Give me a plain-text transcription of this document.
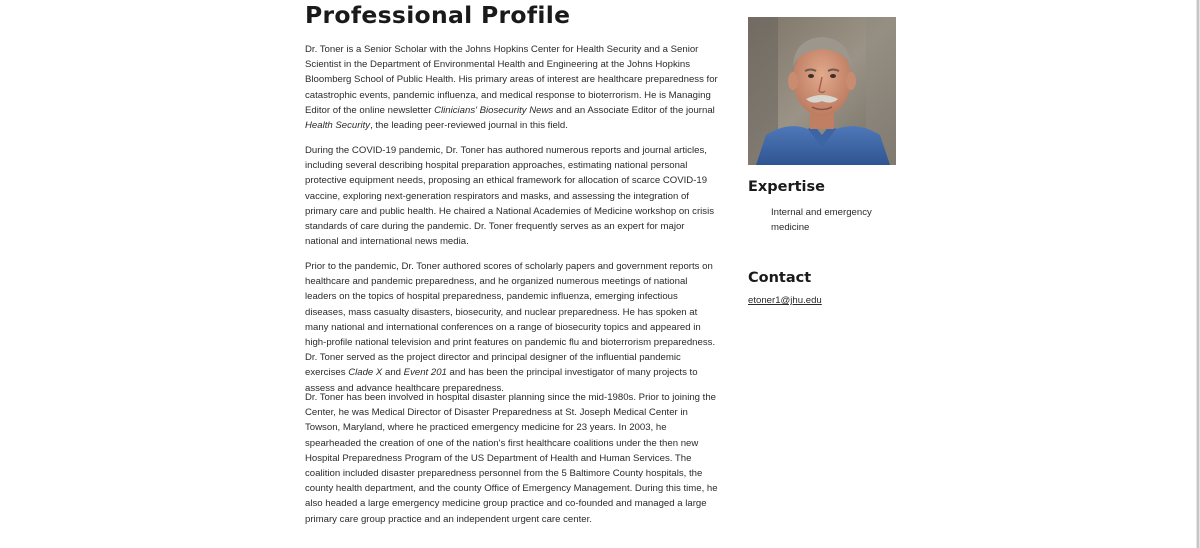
Professional Profile

Dr. Toner is a Senior Scholar with the Johns Hopkins Center for Health Security and a Senior Scientist in the Department of Environmental Health and Engineering at the Johns Hopkins Bloomberg School of Public Health. His primary areas of interest are healthcare preparedness for catastrophic events, pandemic influenza, and medical response to bioterrorism. He is Managing Editor of the online newsletter Clinicians' Biosecurity News and an Associate Editor of the journal Health Security, the leading peer-reviewed journal in this field.

During the COVID-19 pandemic, Dr. Toner has authored numerous reports and journal articles, including several describing hospital preparation approaches, estimating national personal protective equipment needs, proposing an ethical framework for allocation of scarce COVID-19 vaccine, exploring next-generation respirators and masks, and assessing the integration of primary care and public health. He chaired a National Academies of Medicine workshop on crisis standards of care during the pandemic. Dr. Toner frequently serves as an expert for major national and international news media.

Prior to the pandemic, Dr. Toner authored scores of scholarly papers and government reports on healthcare and pandemic preparedness, and he organized numerous meetings of national leaders on the topics of hospital preparedness, pandemic influenza, emerging infectious diseases, mass casualty disasters, biosecurity, and nuclear preparedness. He has spoken at many national and international conferences on a range of biosecurity topics and appeared in high-profile national television and print features on pandemic flu and bioterrorism preparedness. Dr. Toner served as the project director and principal designer of the influential pandemic exercises Clade X and Event 201 and has been the principal investigator of many projects to assess and advance healthcare preparedness.

Dr. Toner has been involved in hospital disaster planning since the mid-1980s. Prior to joining the Center, he was Medical Director of Disaster Preparedness at St. Joseph Medical Center in Towson, Maryland, where he practiced emergency medicine for 23 years. In 2003, he spearheaded the creation of one of the nation's first healthcare coalitions under the then new Hospital Preparedness Program of the US Department of Health and Human Services. The coalition included disaster preparedness personnel from the 5 Baltimore County hospitals, the county health department, and the county Office of Emergency Management. During this time, he also headed a large emergency medicine group practice and co-founded and managed a large primary care group practice and an independent urgent care center.

Expertise
Internal and emergency medicine
Contact
etoner1@jhu.edu
